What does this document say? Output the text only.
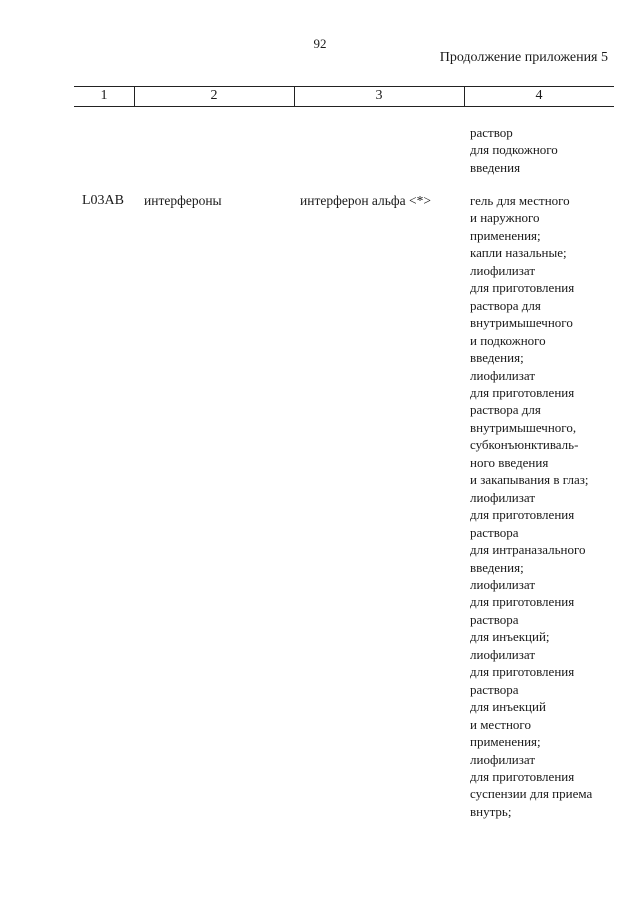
92
Продолжение приложения 5
1	2	3	4
раствор
для подкожного
введения
L03AB интерфероны	интерферон альфа <*>	гель для местного
и наружного
применения;
капли назальные;
лиофилизат
для приготовления
раствора для
внутримышечного
и подкожного
введения;
лиофилизат
для приготовления
раствора для
внутримышечного,
субконъюнктиваль-
ного введения
и закапывания в глаз;
лиофилизат
для приготовления
раствора
для интраназального
введения;
лиофилизат
для приготовления
раствора
для инъекций;
лиофилизат
для приготовления
раствора
для инъекций
и местного
применения;
лиофилизат
для приготовления
суспензии для приема
внутрь;
